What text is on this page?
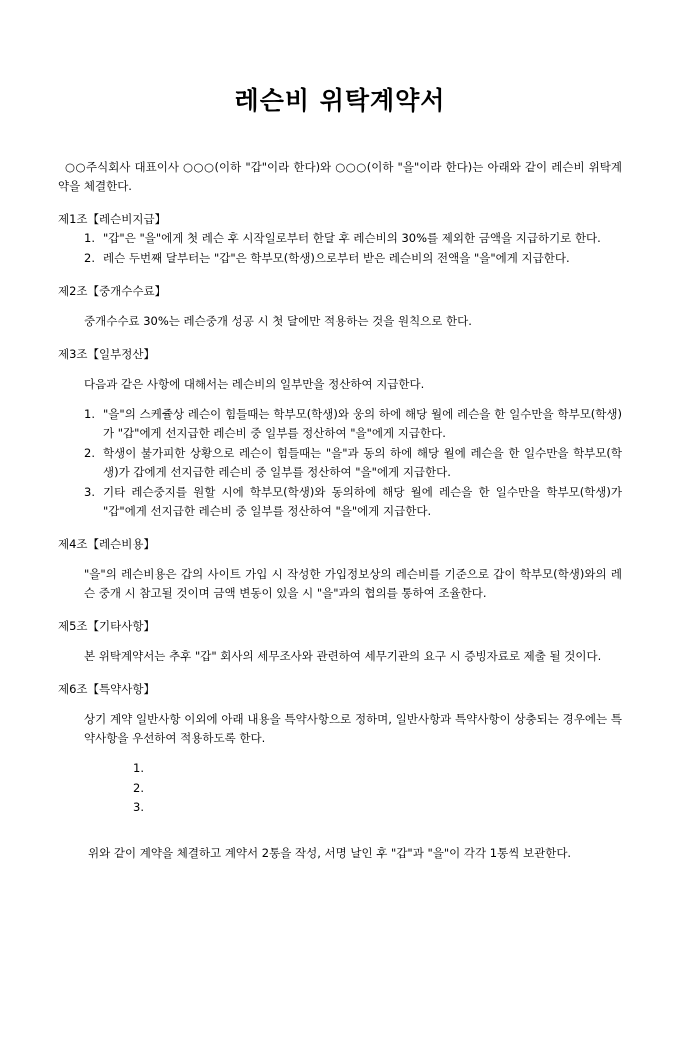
레슨비 위탁계약서

○○주식회사 대표이사 ○○○(이하 "갑"이라 한다)와 ○○○(이하 "을"이라 한다)는 아래와 같이 레슨비 위탁계약을 체결한다.

제1조【레슨비지급】
1. "갑"은 "을"에게 첫 레슨 후 시작일로부터 한달 후 레슨비의 30%를 제외한 금액을 지급하기로 한다.
2. 레슨 두번째 달부터는 "갑"은 학부모(학생)으로부터 받은 레슨비의 전액을 "을"에게 지급한다.
제2조【중개수수료】

중개수수료 30%는 레슨중개 성공 시 첫 달에만 적용하는 것을 원칙으로 한다.

제3조【일부정산】

다음과 같은 사항에 대해서는 레슨비의 일부만을 정산하여 지급한다.

1. "을"의 스케쥴상 레슨이 힘들때는 학부모(학생)와 웅의 하에 해당 월에 레슨을 한 일수만을 학부모(학생)가 "갑"에게 선지급한 레슨비 중 일부를 정산하여 "을"에게 지급한다.
2. 학생이 불가피한 상황으로 레슨이 힘들때는 "을"과 동의 하에 해당 월에 레슨을 한 일수만을 학부모(학생)가 갑에게 선지급한 레슨비 중 일부를 정산하여 "을"에게 지급한다.
3. 기타 레슨중지를 원할 시에 학부모(학생)와 동의하에 해당 월에 레슨을 한 일수만을 학부모(학생)가 "갑"에게 선지급한 레슨비 중 일부를 정산하여 "을"에게 지급한다.
제4조【레슨비용】

"을"의 레슨비용은 갑의 사이트 가입 시 작성한 가입정보상의 레슨비를 기준으로 갑이 학부모(학생)와의 레슨 중개 시 참고될 것이며 금액 변동이 있을 시 "을"과의 협의를 통하여 조율한다.

제5조【기타사항】

본 위탁계약서는 추후 "갑" 회사의 세무조사와 관련하여 세무기관의 요구 시 증빙자료로 제출 될 것이다.

제6조【특약사항】

상기 계약 일반사항 이외에 아래 내용을 특약사항으로 정하며, 일반사항과 특약사항이 상충되는 경우에는 특약사항을 우선하여 적용하도록 한다.

1.
2.
3.

위와 같이 계약을 체결하고 계약서 2통을 작성, 서명 날인 후 "갑"과 "을"이 각각 1통씩 보관한다.
